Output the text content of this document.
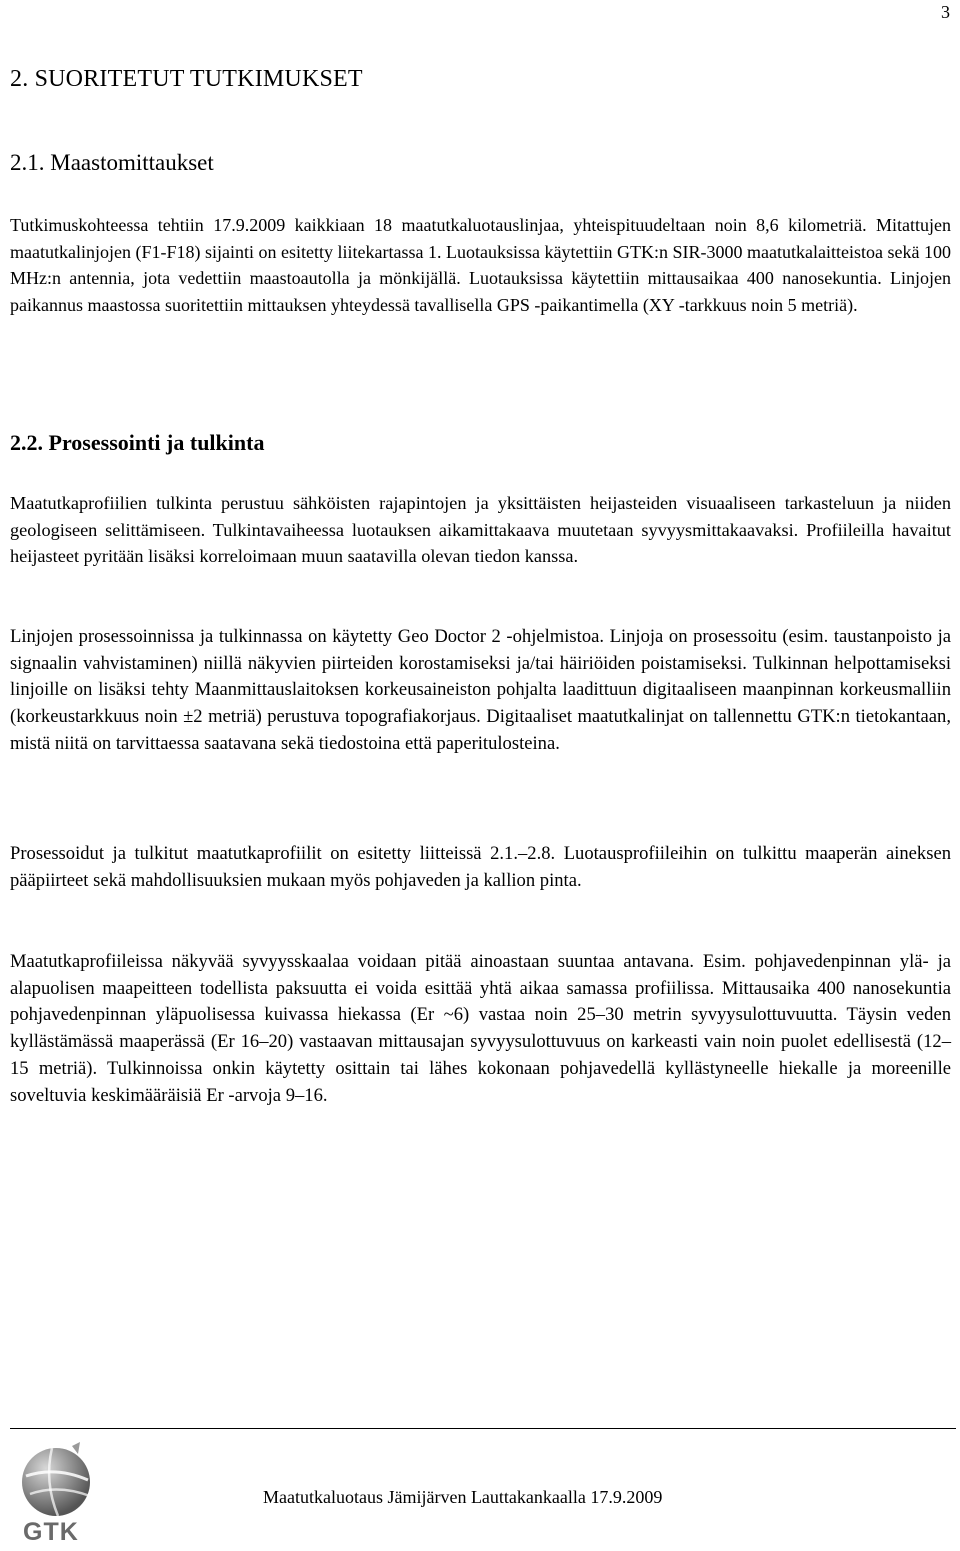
3
2. SUORITETUT TUTKIMUKSET
2.1. Maastomittaukset

Tutkimuskohteessa tehtiin 17.9.2009 kaikkiaan 18 maatutkaluotauslinjaa, yhteispituudeltaan noin 8,6 kilometriä. Mitattujen maatutkalinjojen (F1-F18) sijainti on esitetty liitekartassa 1. Luotauksissa käytettiin GTK:n SIR-3000 maatutkalaitteistoa sekä 100 MHz:n antennia, jota vedettiin maastoautolla ja mönkijällä. Luotauksissa käytettiin mittausaikaa 400 nanosekuntia. Linjojen paikannus maastossa suoritettiin mittauksen yhteydessä tavallisella GPS -paikantimella (XY -tarkkuus noin 5 metriä).

2.2. Prosessointi ja tulkinta

Maatutkaprofiilien tulkinta perustuu sähköisten rajapintojen ja yksittäisten heijasteiden visuaaliseen tarkasteluun ja niiden geologiseen selittämiseen. Tulkintavaiheessa luotauksen aikamittakaava muutetaan syvyysmittakaavaksi. Profiileilla havaitut heijasteet pyritään lisäksi korreloimaan muun saatavilla olevan tiedon kanssa.

Linjojen prosessoinnissa ja tulkinnassa on käytetty Geo Doctor 2 -ohjelmistoa. Linjoja on prosessoitu (esim. taustanpoisto ja signaalin vahvistaminen) niillä näkyvien piirteiden korostamiseksi ja/tai häiriöiden poistamiseksi. Tulkinnan helpottamiseksi linjoille on lisäksi tehty Maanmittauslaitoksen korkeusaineiston pohjalta laadittuun digitaaliseen maanpinnan korkeusmalliin (korkeustarkkuus noin ±2 metriä) perustuva topografiakorjaus. Digitaaliset maatutkalinjat on tallennettu GTK:n tietokantaan, mistä niitä on tarvittaessa saatavana sekä tiedostoina että paperitulosteina.

Prosessoidut ja tulkitut maatutkaprofiilit on esitetty liitteissä 2.1.–2.8. Luotausprofiileihin on tulkittu maaperän aineksen pääpiirteet sekä mahdollisuuksien mukaan myös pohjaveden ja kallion pinta.

Maatutkaprofiileissa näkyvää syvyysskaalaa voidaan pitää ainoastaan suuntaa antavana. Esim. pohjavedenpinnan ylä- ja alapuolisen maapeitteen todellista paksuutta ei voida esittää yhtä aikaa samassa profiilissa. Mittausaika 400 nanosekuntia pohjavedenpinnan yläpuolisessa kuivassa hiekassa (Er ~6) vastaa noin 25–30 metrin syvyysulottuvuutta. Täysin veden kyllästämässä maaperässä (Er 16–20) vastaavan mittausajan syvyysulottuvuus on karkeasti vain noin puolet edellisestä (12–15 metriä). Tulkinnoissa onkin käytetty osittain tai lähes kokonaan pohjavedellä kyllästyneelle hiekalle ja moreenille soveltuvia keskimääräisiä Er -arvoja 9–16.

GTK
Maatutkaluotaus Jämijärven Lauttakankaalla 17.9.2009
